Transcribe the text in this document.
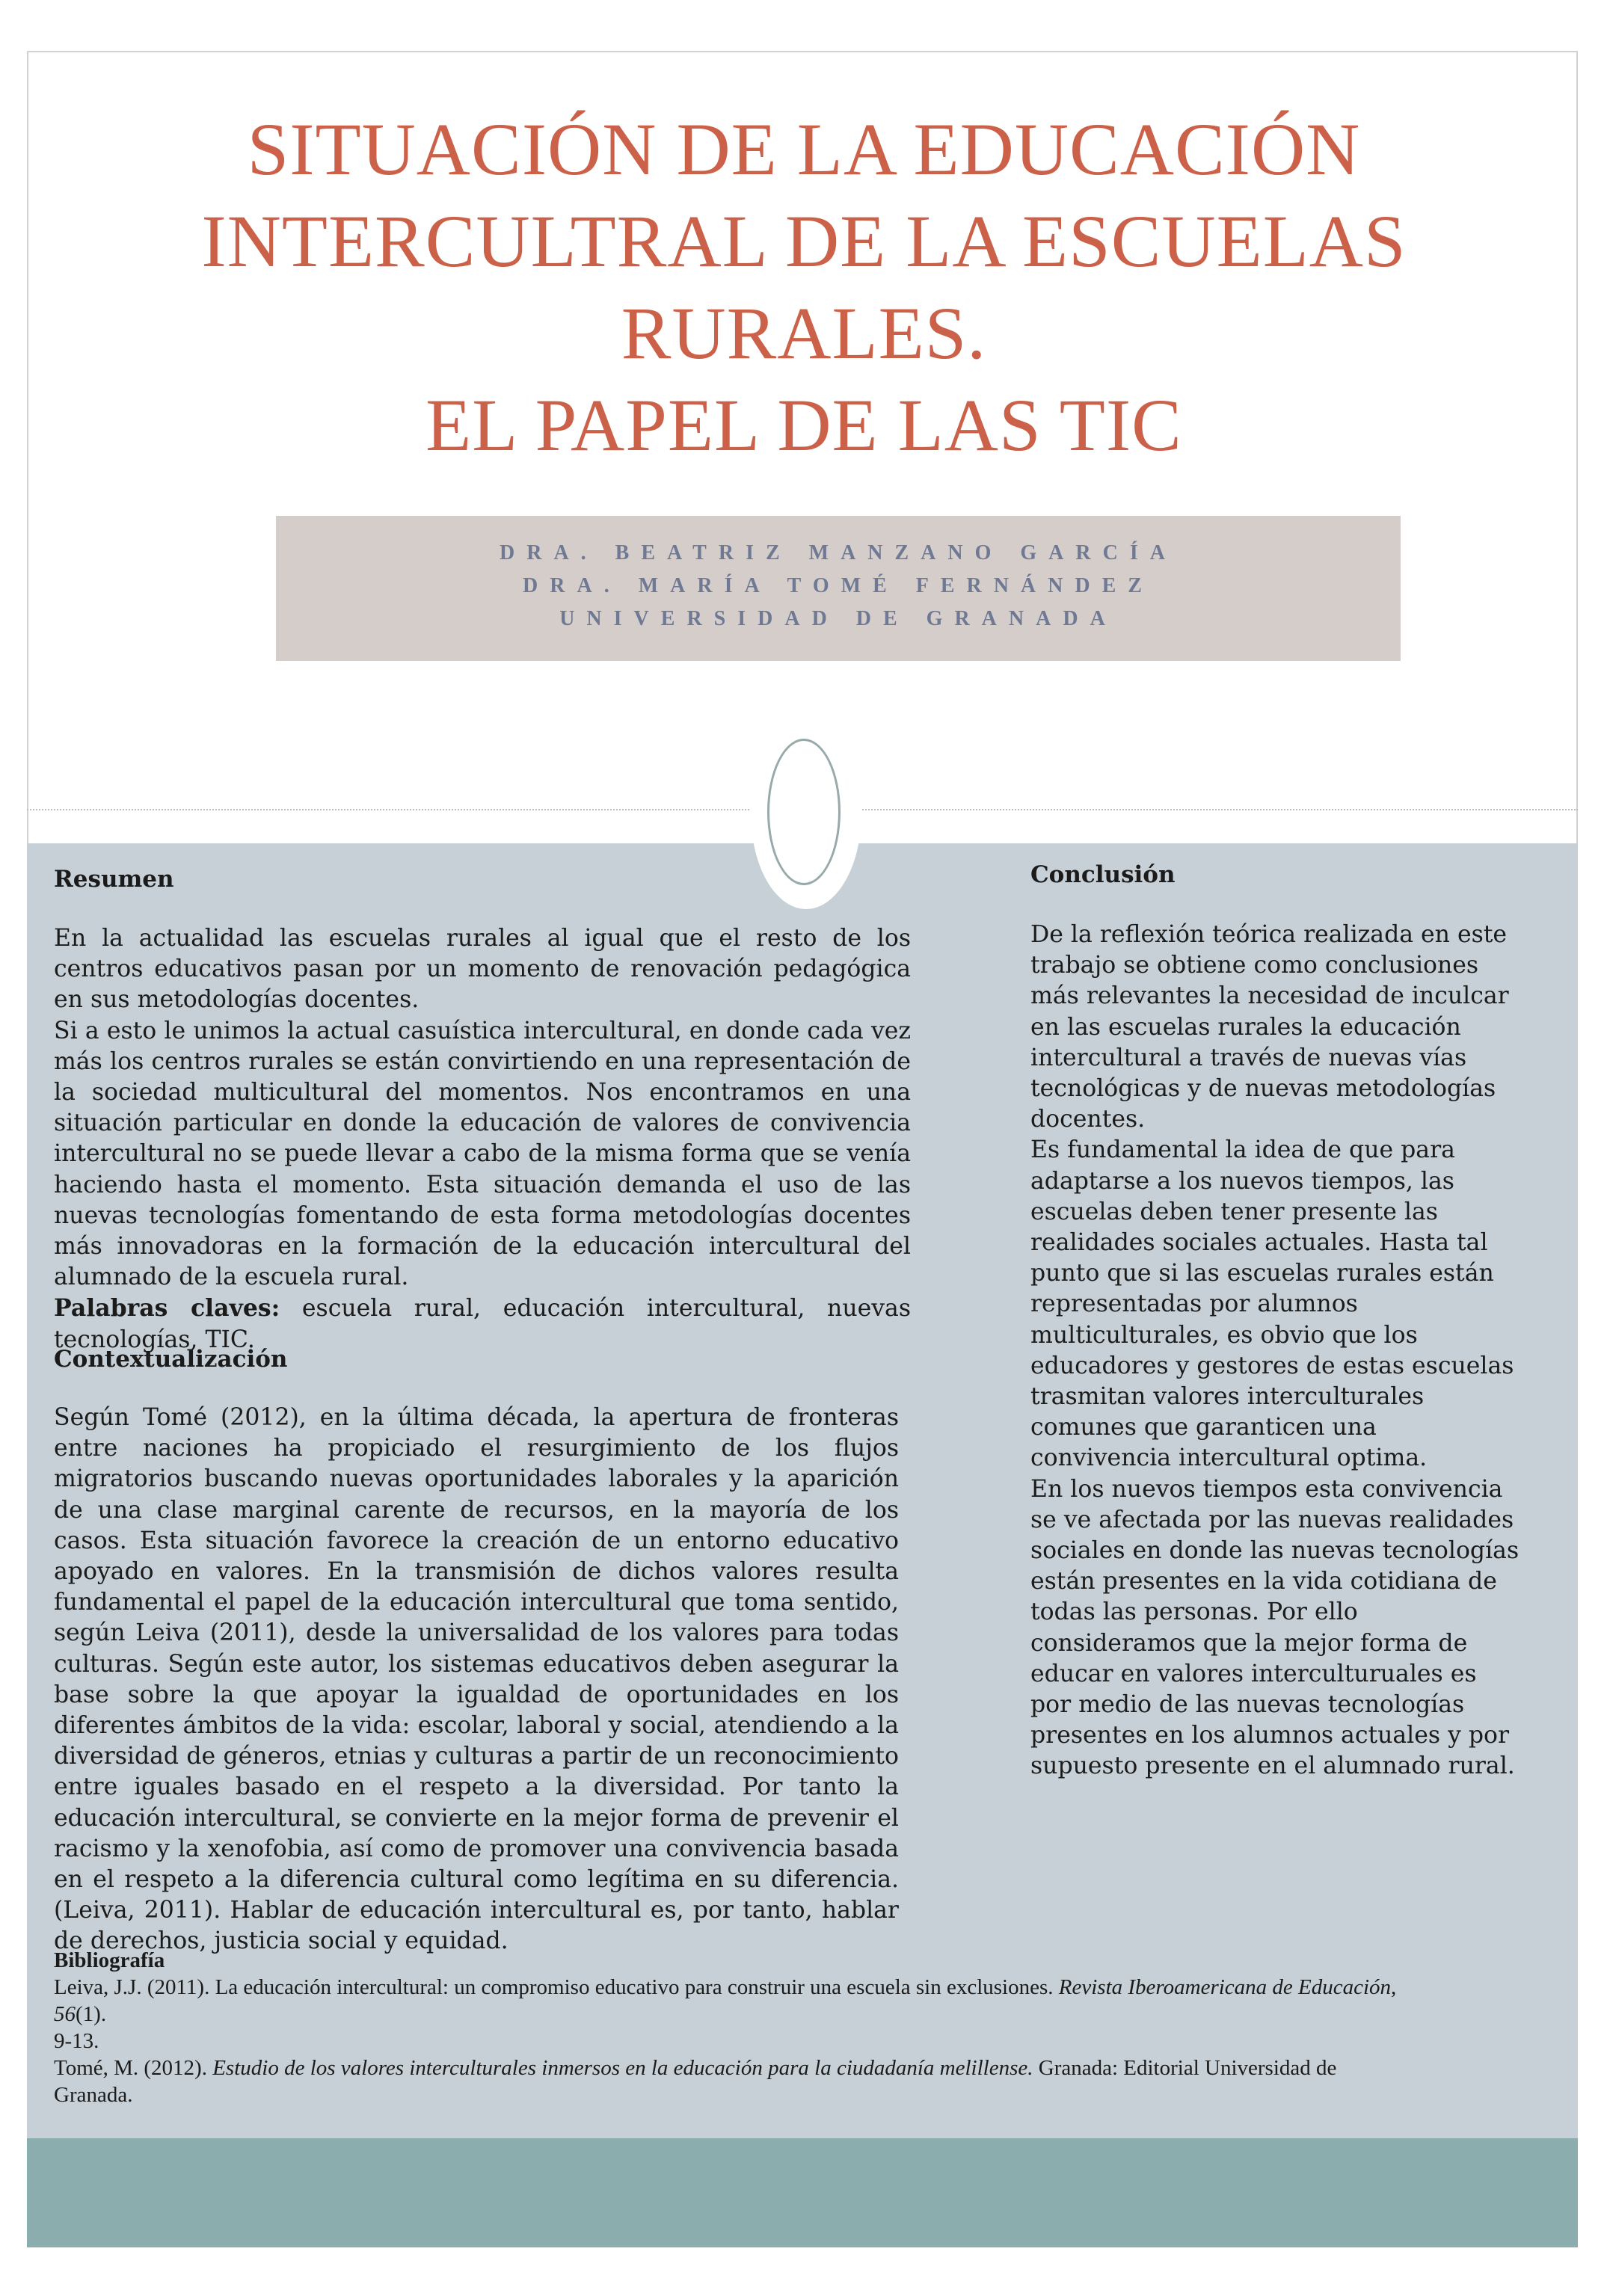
SITUACIÓN DE LA EDUCACIÓN
INTERCULTRAL DE LA ESCUELAS
RURALES.
EL PAPEL DE LAS TIC
DRA. BEATRIZ MANZANO GARCÍA
DRA. MARÍA TOMÉ FERNÁNDEZ
UNIVERSIDAD DE GRANADA
Resumen

En la actualidad las escuelas rurales al igual que el resto de los centros educativos pasan por un momento de renovación pedagógica en sus metodologías docentes.

Si a esto le unimos la actual casuística intercultural, en donde cada vez más los centros rurales se están convirtiendo en una representación de la sociedad multicultural del momentos. Nos encontramos en una situación particular en donde la educación de valores de convivencia intercultural no se puede llevar a cabo de la misma forma que se venía haciendo hasta el momento. Esta situación demanda el uso de las nuevas tecnologías fomentando de esta forma metodologías docentes más innovadoras en la formación de la educación intercultural del alumnado de la escuela rural.

Palabras claves: escuela rural, educación intercultural, nuevas tecnologías, TIC.

Contextualización

Según Tomé (2012), en la última década, la apertura de fronteras entre naciones ha propiciado el resurgimiento de los flujos migratorios buscando nuevas oportunidades laborales y la aparición de una clase marginal carente de recursos, en la mayoría de los casos. Esta situación favorece la creación de un entorno educativo apoyado en valores. En la transmisión de dichos valores resulta fundamental el papel de la educación intercultural que toma sentido, según Leiva (2011), desde la universalidad de los valores para todas culturas. Según este autor, los sistemas educativos deben asegurar la base sobre la que apoyar la igualdad de oportunidades en los diferentes ámbitos de la vida: escolar, laboral y social, atendiendo a la diversidad de géneros, etnias y culturas a partir de un reconocimiento entre iguales basado en el respeto a la diversidad. Por tanto la educación intercultural, se convierte en la mejor forma de prevenir el racismo y la xenofobia, así como de promover una convivencia basada en el respeto a la diferencia cultural como legítima en su diferencia. (Leiva, 2011). Hablar de educación intercultural es, por tanto, hablar de derechos, justicia social y equidad.

Conclusión

De la reflexión teórica realizada en este trabajo se obtiene como conclusiones más relevantes la necesidad de inculcar en las escuelas rurales la educación intercultural a través de nuevas vías tecnológicas y de nuevas metodologías docentes.

Es fundamental la idea de que para adaptarse a los nuevos tiempos, las escuelas deben tener presente las realidades sociales actuales. Hasta tal punto que si las escuelas rurales están representadas por alumnos multiculturales, es obvio que los educadores y gestores de estas escuelas trasmitan valores interculturales comunes que garanticen una convivencia intercultural optima.

En los nuevos tiempos esta convivencia se ve afectada por las nuevas realidades sociales en donde las nuevas tecnologías están presentes en la vida cotidiana de todas las personas. Por ello consideramos que la mejor forma de educar en valores interculturuales es por medio de las nuevas tecnologías presentes en los alumnos actuales y por supuesto presente en el alumnado rural.

Bibliografía

Leiva, J.J. (2011). La educación intercultural: un compromiso educativo para construir una escuela sin exclusiones. Revista Iberoamericana de Educación, 56(1).

9-13.

Tomé, M. (2012). Estudio de los valores interculturales inmersos en la educación para la ciudadanía melillense. Granada: Editorial Universidad de Granada.
